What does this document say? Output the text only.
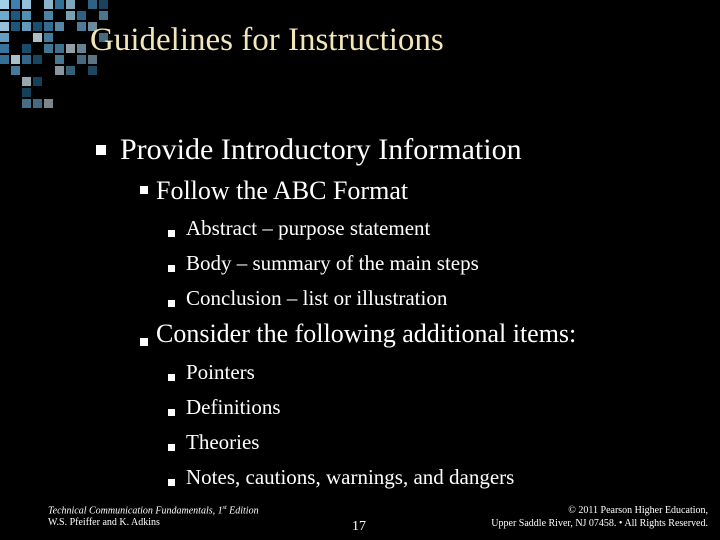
Guidelines for Instructions
Provide Introductory Information
Follow the ABC Format
Abstract – purpose statement
Body – summary of the main steps
Conclusion – list or illustration
Consider the following additional items:
Pointers
Definitions
Theories
Notes, cautions, warnings, and dangers
Technical Communication Fundamentals, 1st Edition
W.S. Pfeiffer and K. Adkins	17
© 2011 Pearson Higher Education,
Upper Saddle River, NJ 07458. • All Rights Reserved.
